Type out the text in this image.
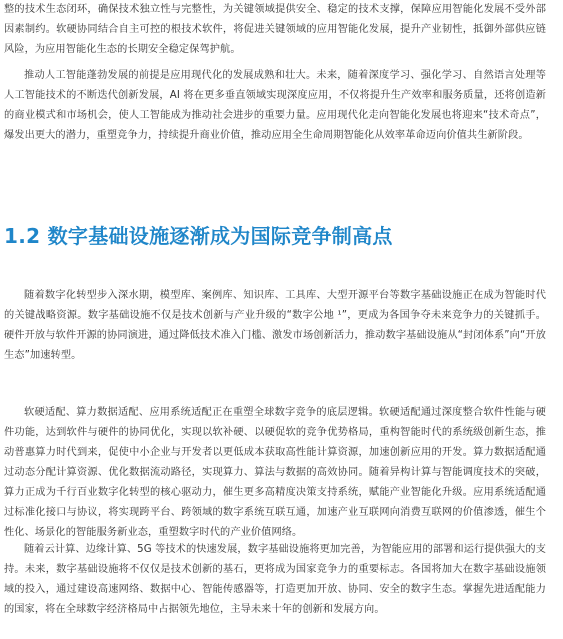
整的技术生态闭环，确保技术独立性与完整性，为关键领域提供安全、稳定的技术支撑，保障应用智能化发展不受外部因素制约。软硬协同结合自主可控的根技术软件，将促进关键领域的应用智能化发展，提升产业韧性，抵御外部供应链风险，为应用智能化生态的长期安全稳定保驾护航。

推动人工智能蓬勃发展的前提是应用现代化的发展成熟和壮大。未来，随着深度学习、强化学习、自然语言处理等人工智能技术的不断迭代创新发展，AI 将在更多垂直领域实现深度应用，不仅将提升生产效率和服务质量，还将创造新的商业模式和市场机会，使人工智能成为推动社会进步的重要力量。应用现代化走向智能化发展也将迎来“技术奇点”，爆发出更大的潜力，重塑竞争力，持续提升商业价值，推动应用全生命周期智能化从效率革命迈向价值共生新阶段。

1.2 数字基础设施逐渐成为国际竞争制高点

随着数字化转型步入深水期，模型库、案例库、知识库、工具库、大型开源平台等数字基础设施正在成为智能时代的关键战略资源。数字基础设施不仅是技术创新与产业升级的“数字公地 ¹”，更成为各国争夺未来竞争力的关键抓手。硬件开放与软件开源的协同演进，通过降低技术准入门槛、激发市场创新活力，推动数字基础设施从“封闭体系”向“开放生态”加速转型。

软硬适配、算力数据适配、应用系统适配正在重塑全球数字竞争的底层逻辑。软硬适配通过深度整合软件性能与硬件功能，达到软件与硬件的协同优化，实现以软补硬、以硬促软的竞争优势格局，重构智能时代的系统级创新生态，推动普惠算力时代到来，促使中小企业与开发者以更低成本获取高性能计算资源，加速创新应用的开发。算力数据适配通过动态分配计算资源、优化数据流动路径，实现算力、算法与数据的高效协同。随着异构计算与智能调度技术的突破，算力正成为千行百业数字化转型的核心驱动力，催生更多高精度决策支持系统，赋能产业智能化升级。应用系统适配通过标准化接口与协议，将实现跨平台、跨领域的数字系统互联互通，加速产业互联网向消费互联网的价值渗透，催生个性化、场景化的智能服务新业态，重塑数字时代的产业价值网络。

随着云计算、边缘计算、5G 等技术的快速发展，数字基础设施将更加完善，为智能应用的部署和运行提供强大的支持。未来，数字基础设施将不仅仅是技术创新的基石，更将成为国家竞争力的重要标志。各国将加大在数字基础设施领域的投入，通过建设高速网络、数据中心、智能传感器等，打造更加开放、协同、安全的数字生态。掌握先进适配能力的国家，将在全球数字经济格局中占据领先地位，主导未来十年的创新和发展方向。
